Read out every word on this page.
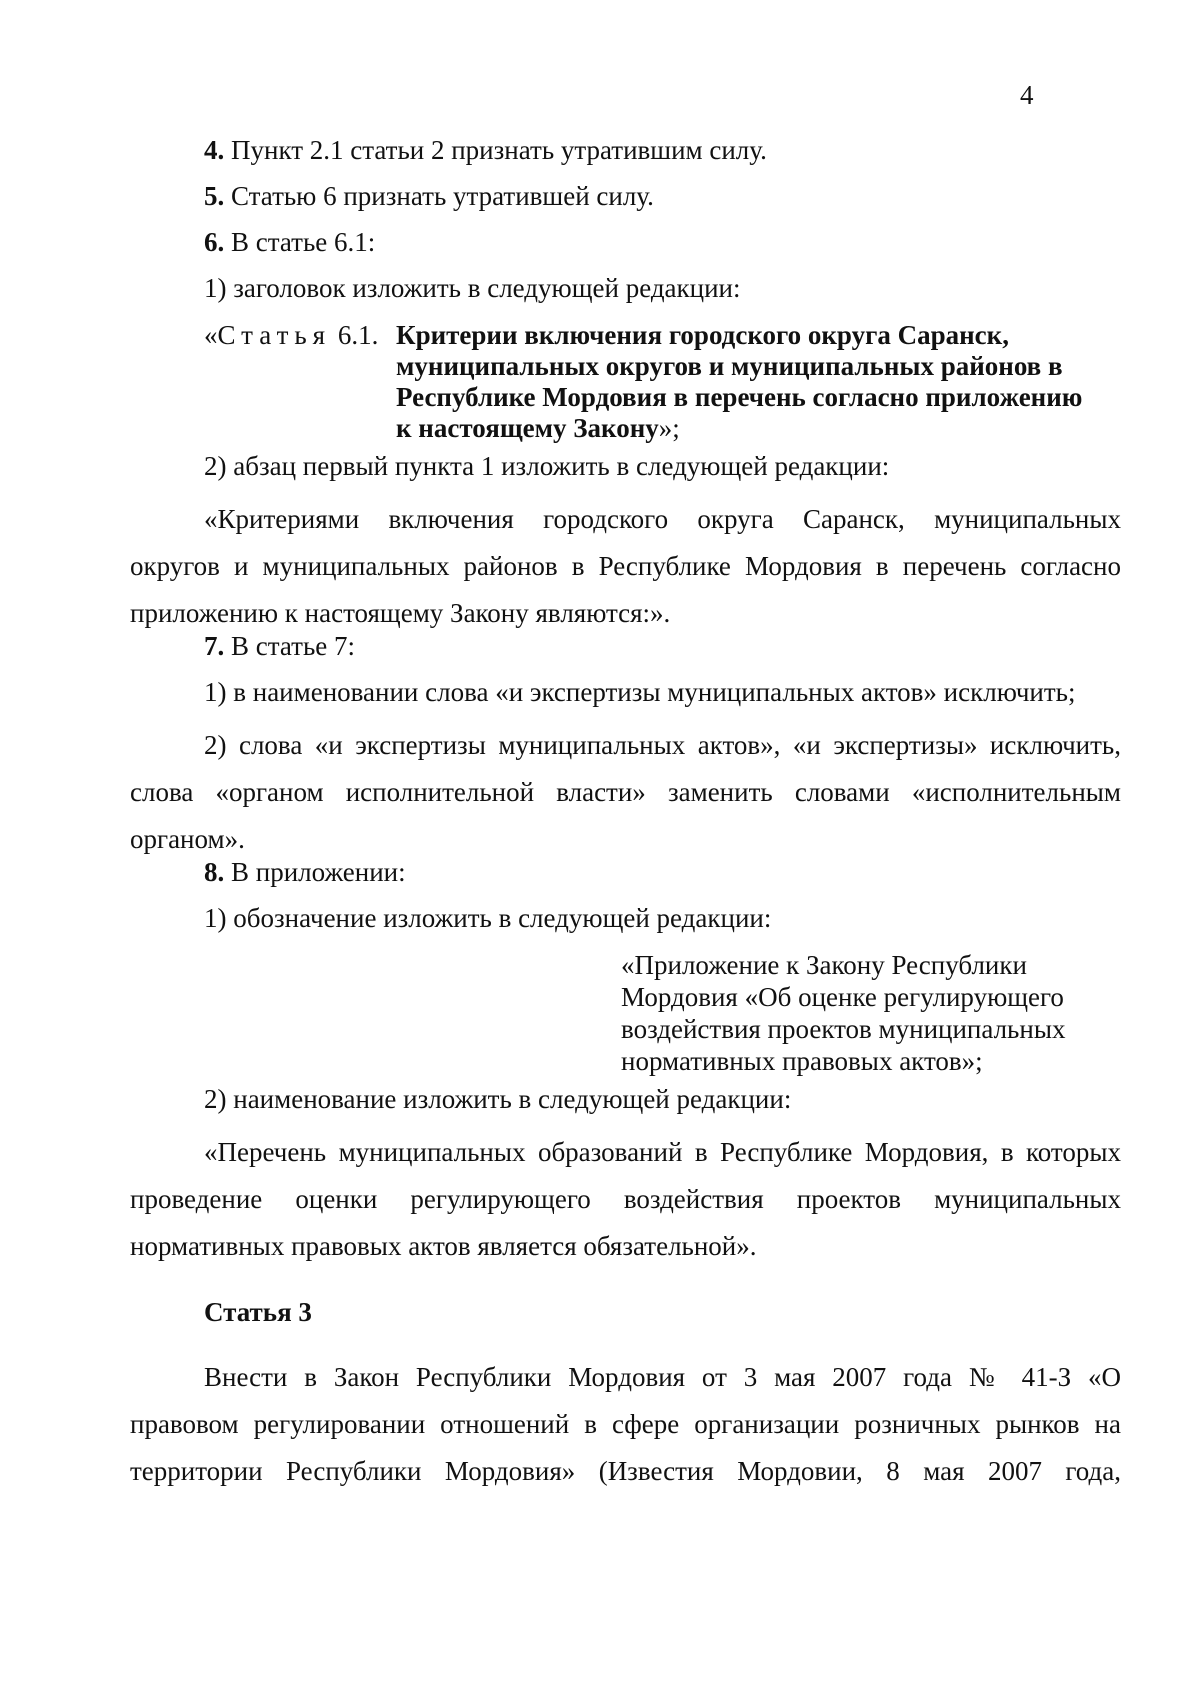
4
4. Пункт 2.1 статьи 2 признать утратившим силу.
5. Статью 6 признать утратившей силу.
6. В статье 6.1:
1) заголовок изложить в следующей редакции:
«Статья 6.1. Критерии включения городского округа Саранск,
муниципальных округов и муниципальных районов в
Республике Мордовия в перечень согласно приложению
к настоящему Закону»;
2) абзац первый пункта 1 изложить в следующей редакции:
«Критериями включения городского округа Саранск, муниципальных
округов и муниципальных районов в Республике Мордовия в перечень согласно
приложению к настоящему Закону являются:».
7. В статье 7:
1) в наименовании слова «и экспертизы муниципальных актов» исключить;
2) слова «и экспертизы муниципальных актов», «и экспертизы» исключить,
слова «органом исполнительной власти» заменить словами «исполнительным
органом».
8. В приложении:
1) обозначение изложить в следующей редакции:
«Приложение к Закону Республики
Мордовия «Об оценке регулирующего
воздействия проектов муниципальных
нормативных правовых актов»;
2) наименование изложить в следующей редакции:
«Перечень муниципальных образований в Республике Мордовия, в которых
проведение оценки регулирующего воздействия проектов муниципальных
нормативных правовых актов является обязательной».
Статья 3
Внести в Закон Республики Мордовия от 3 мая 2007 года № 41-З «О
правовом регулировании отношений в сфере организации розничных рынков на
территории Республики Мордовия» (Известия Мордовии, 8 мая 2007 года,
